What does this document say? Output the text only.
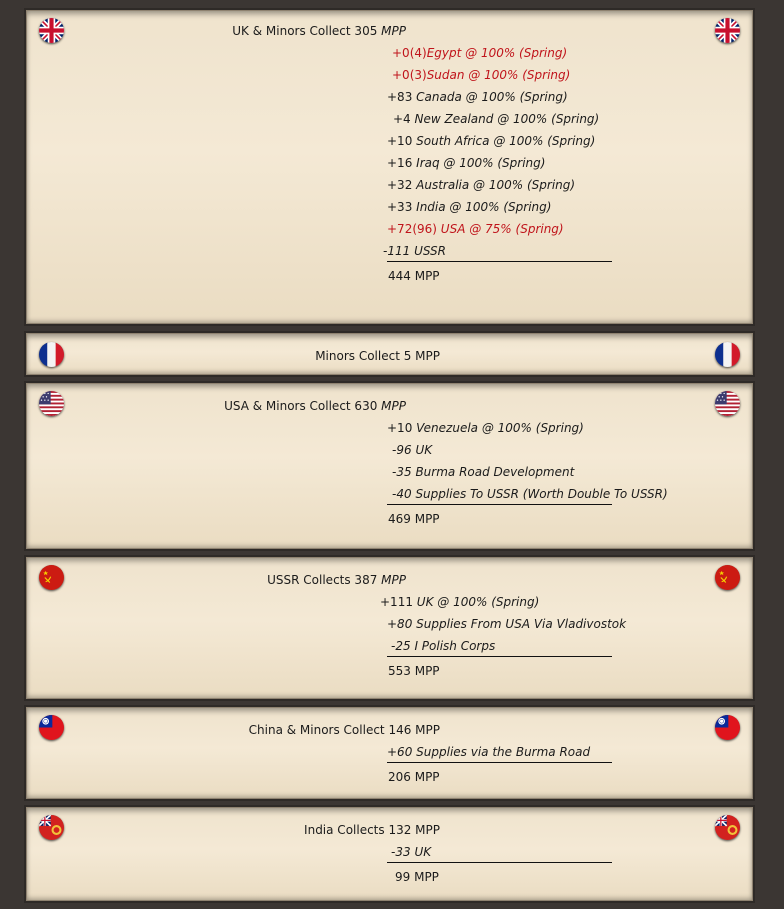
UK & Minors Collect 305 MPP
+0(4)Egypt @ 100% (Spring)
+0(3)Sudan @ 100% (Spring)
+83 Canada @ 100% (Spring)
+4 New Zealand @ 100% (Spring)
+10 South Africa @ 100% (Spring)
+16 Iraq @ 100% (Spring)
+32 Australia @ 100% (Spring)
+33 India @ 100% (Spring)
+72(96) USA @ 75% (Spring)
-111 USSR
444 MPP
Minors Collect 5 MPP
USA & Minors Collect 630 MPP
+10 Venezuela @ 100% (Spring)
-96 UK
-35 Burma Road Development
-40 Supplies To USSR (Worth Double To USSR)
469 MPP
USSR Collects 387 MPP
+111 UK @ 100% (Spring)
+80 Supplies From USA Via Vladivostok
-25 I Polish Corps
553 MPP
China & Minors Collect 146 MPP
+60 Supplies via the Burma Road
206 MPP
India Collects 132 MPP
-33 UK
99 MPP
